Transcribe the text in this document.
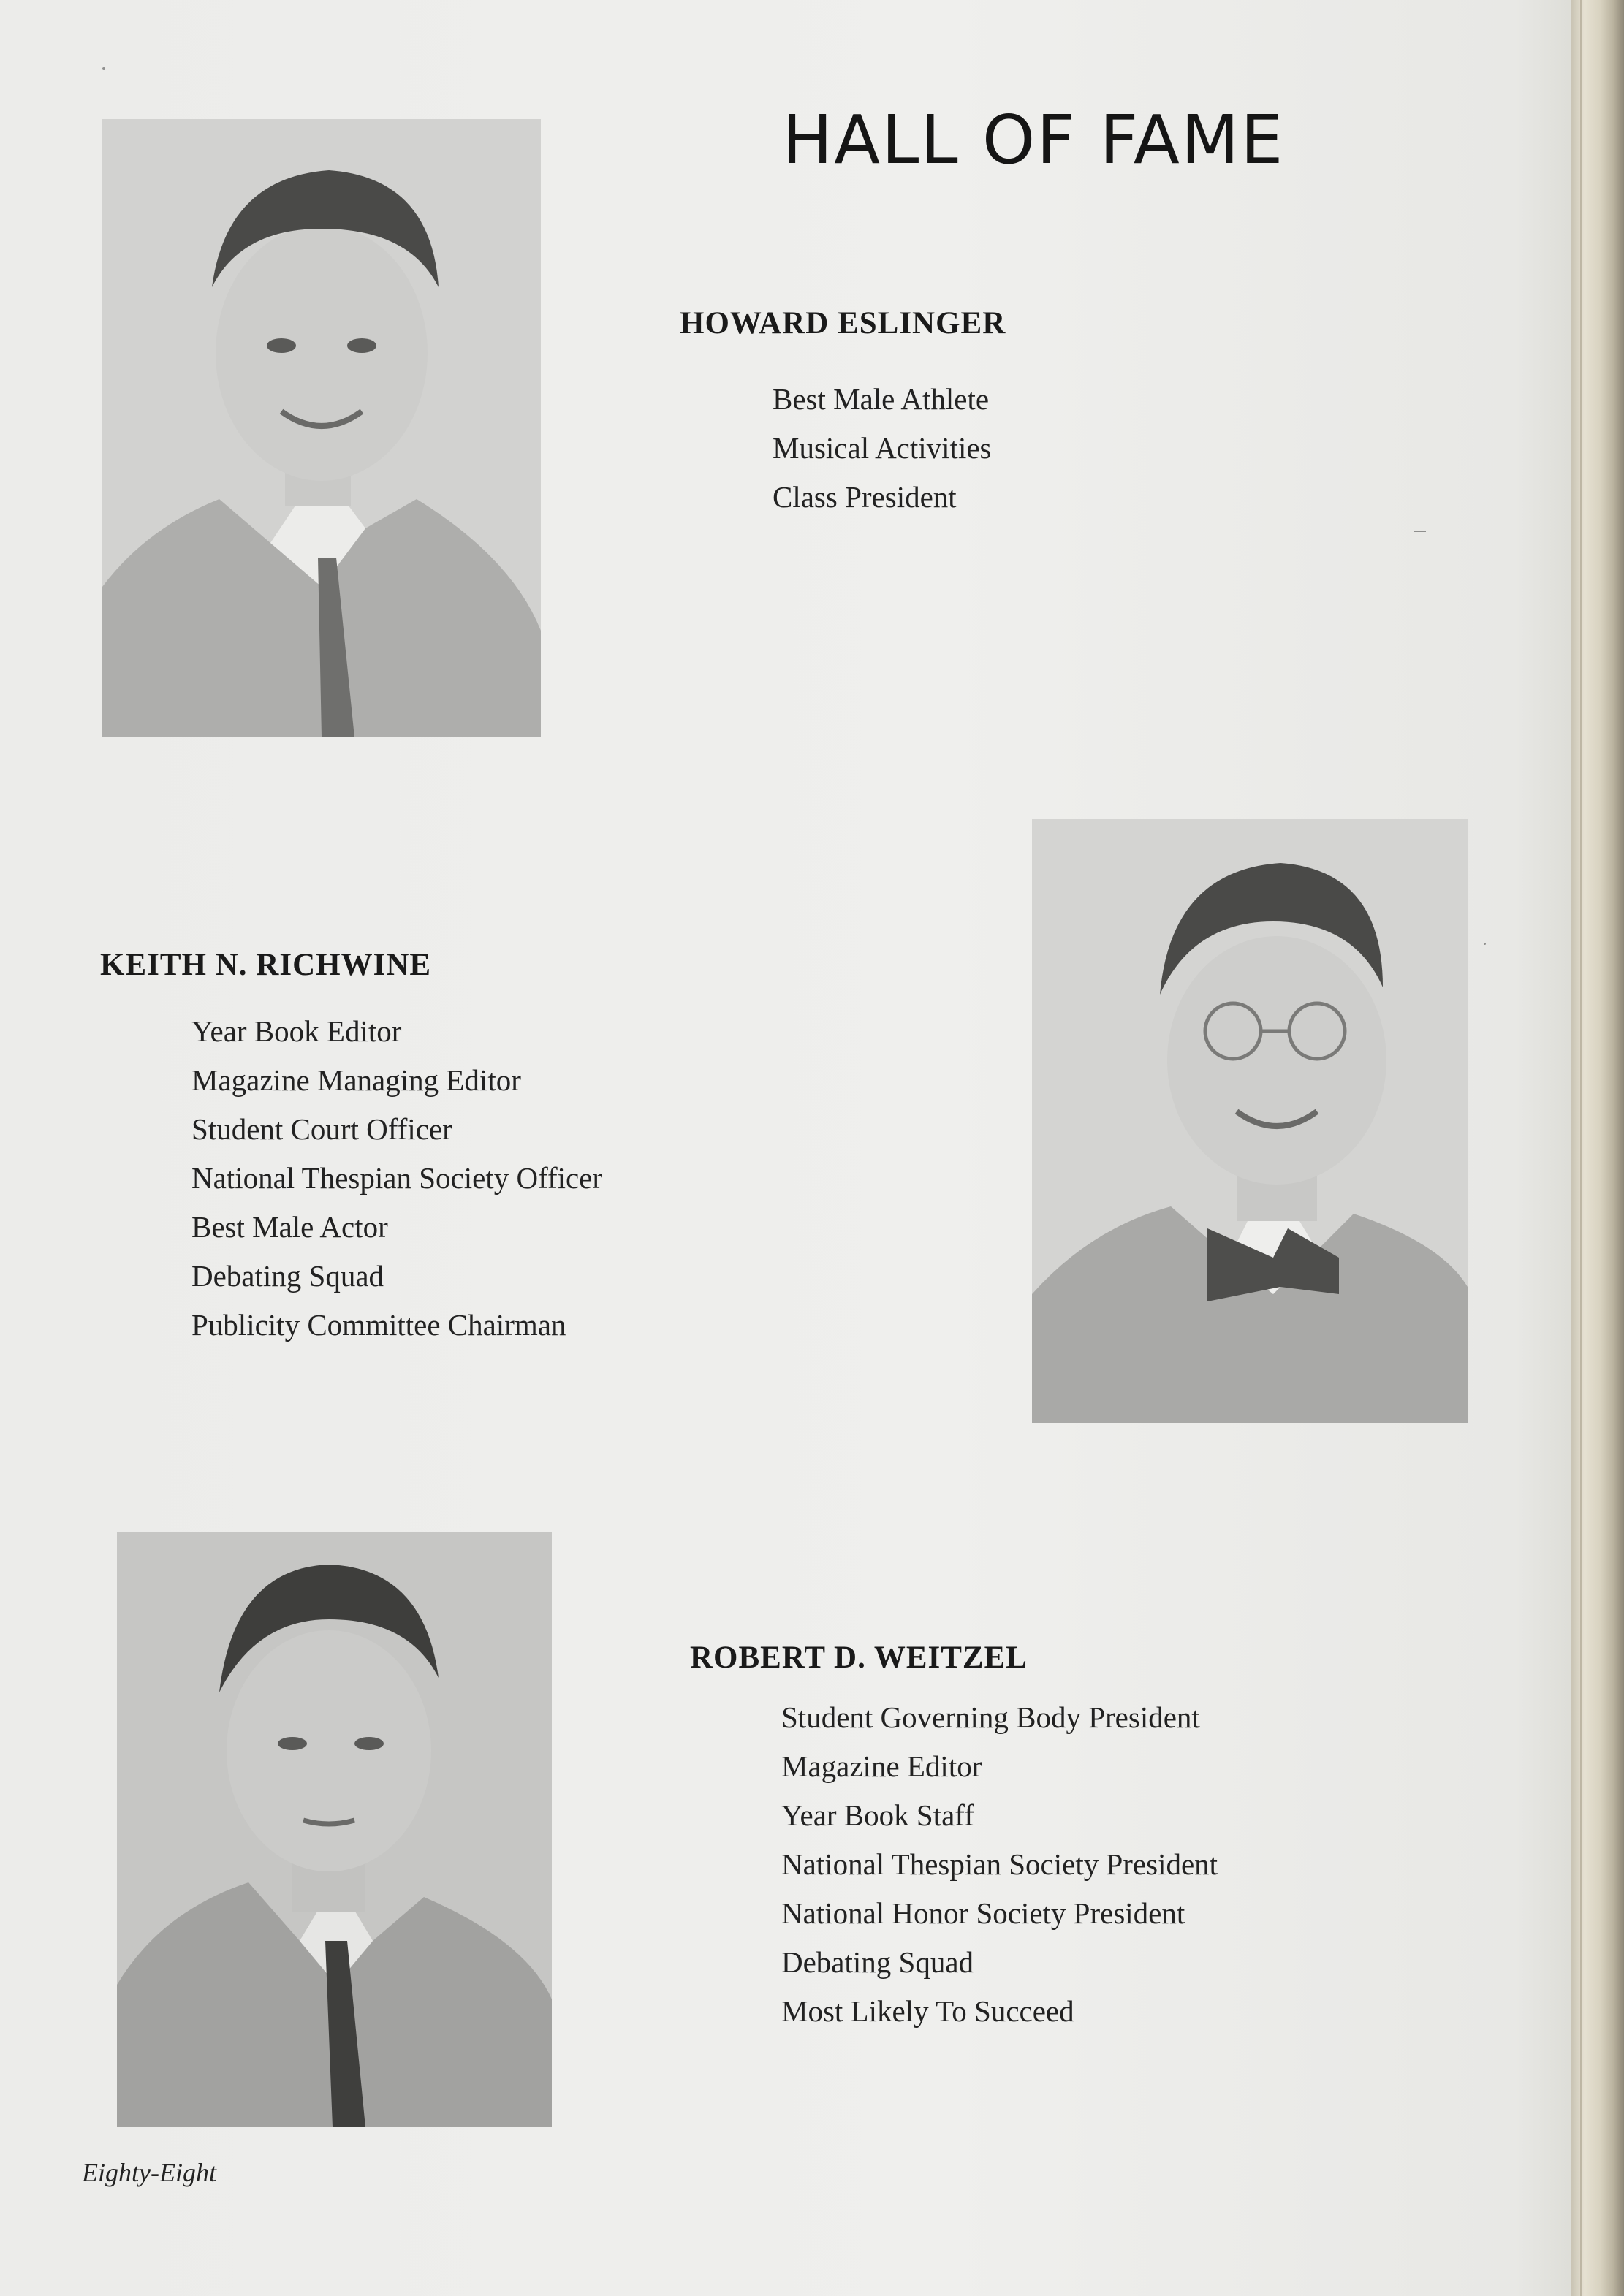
HALL OF FAME
HOWARD ESLINGER
Best Male Athlete
Musical Activities
Class President
KEITH N. RICHWINE
Year Book Editor
Magazine Managing Editor
Student Court Officer
National Thespian Society Officer
Best Male Actor
Debating Squad
Publicity Committee Chairman
ROBERT D. WEITZEL
Student Governing Body President
Magazine Editor
Year Book Staff
National Thespian Society President
National Honor Society President
Debating Squad
Most Likely To Succeed
Eighty-Eight
